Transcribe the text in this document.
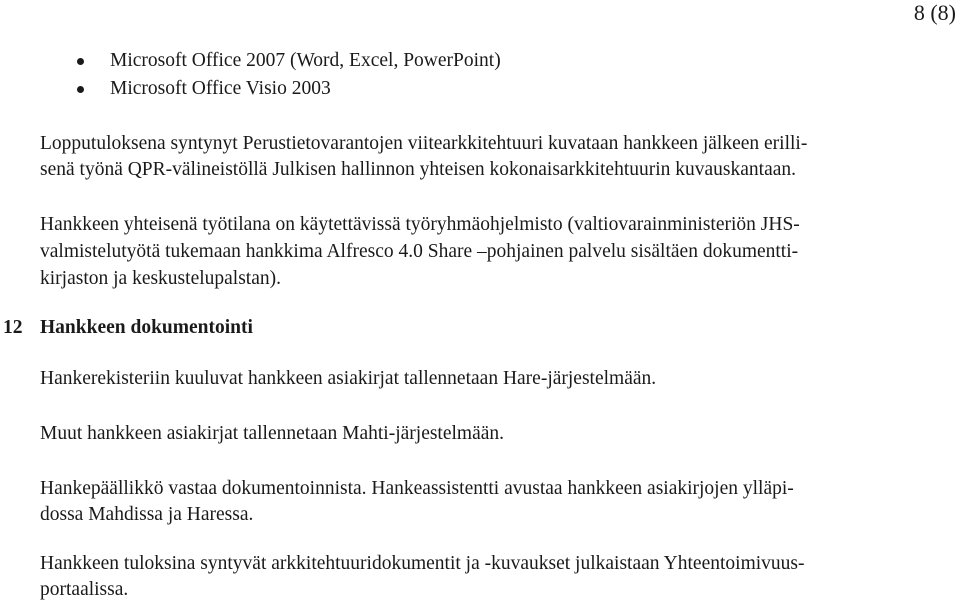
8 (8)
Microsoft Office 2007 (Word, Excel, PowerPoint)
Microsoft Office Visio 2003
Lopputuloksena syntynyt Perustietovarantojen viitearkkitehtuuri kuvataan hankkeen jälkeen erilli-
senä työnä QPR-välineistöllä Julkisen hallinnon yhteisen kokonaisarkkitehtuurin kuvauskantaan.
Hankkeen yhteisenä työtilana on käytettävissä työryhmäohjelmisto (valtiovarainministeriön JHS-
valmistelutyötä tukemaan hankkima Alfresco 4.0 Share –pohjainen palvelu sisältäen dokumentti-
kirjaston ja keskustelupalstan).
12 Hankkeen dokumentointi
Hankerekisteriin kuuluvat hankkeen asiakirjat tallennetaan Hare-järjestelmään.
Muut hankkeen asiakirjat tallennetaan Mahti-järjestelmään.
Hankepäällikkö vastaa dokumentoinnista. Hankeassistentti avustaa hankkeen asiakirjojen ylläpi-
dossa Mahdissa ja Haressa.
Hankkeen tuloksina syntyvät arkkitehtuuridokumentit ja -kuvaukset julkaistaan Yhteentoimivuus-
portaalissa.
